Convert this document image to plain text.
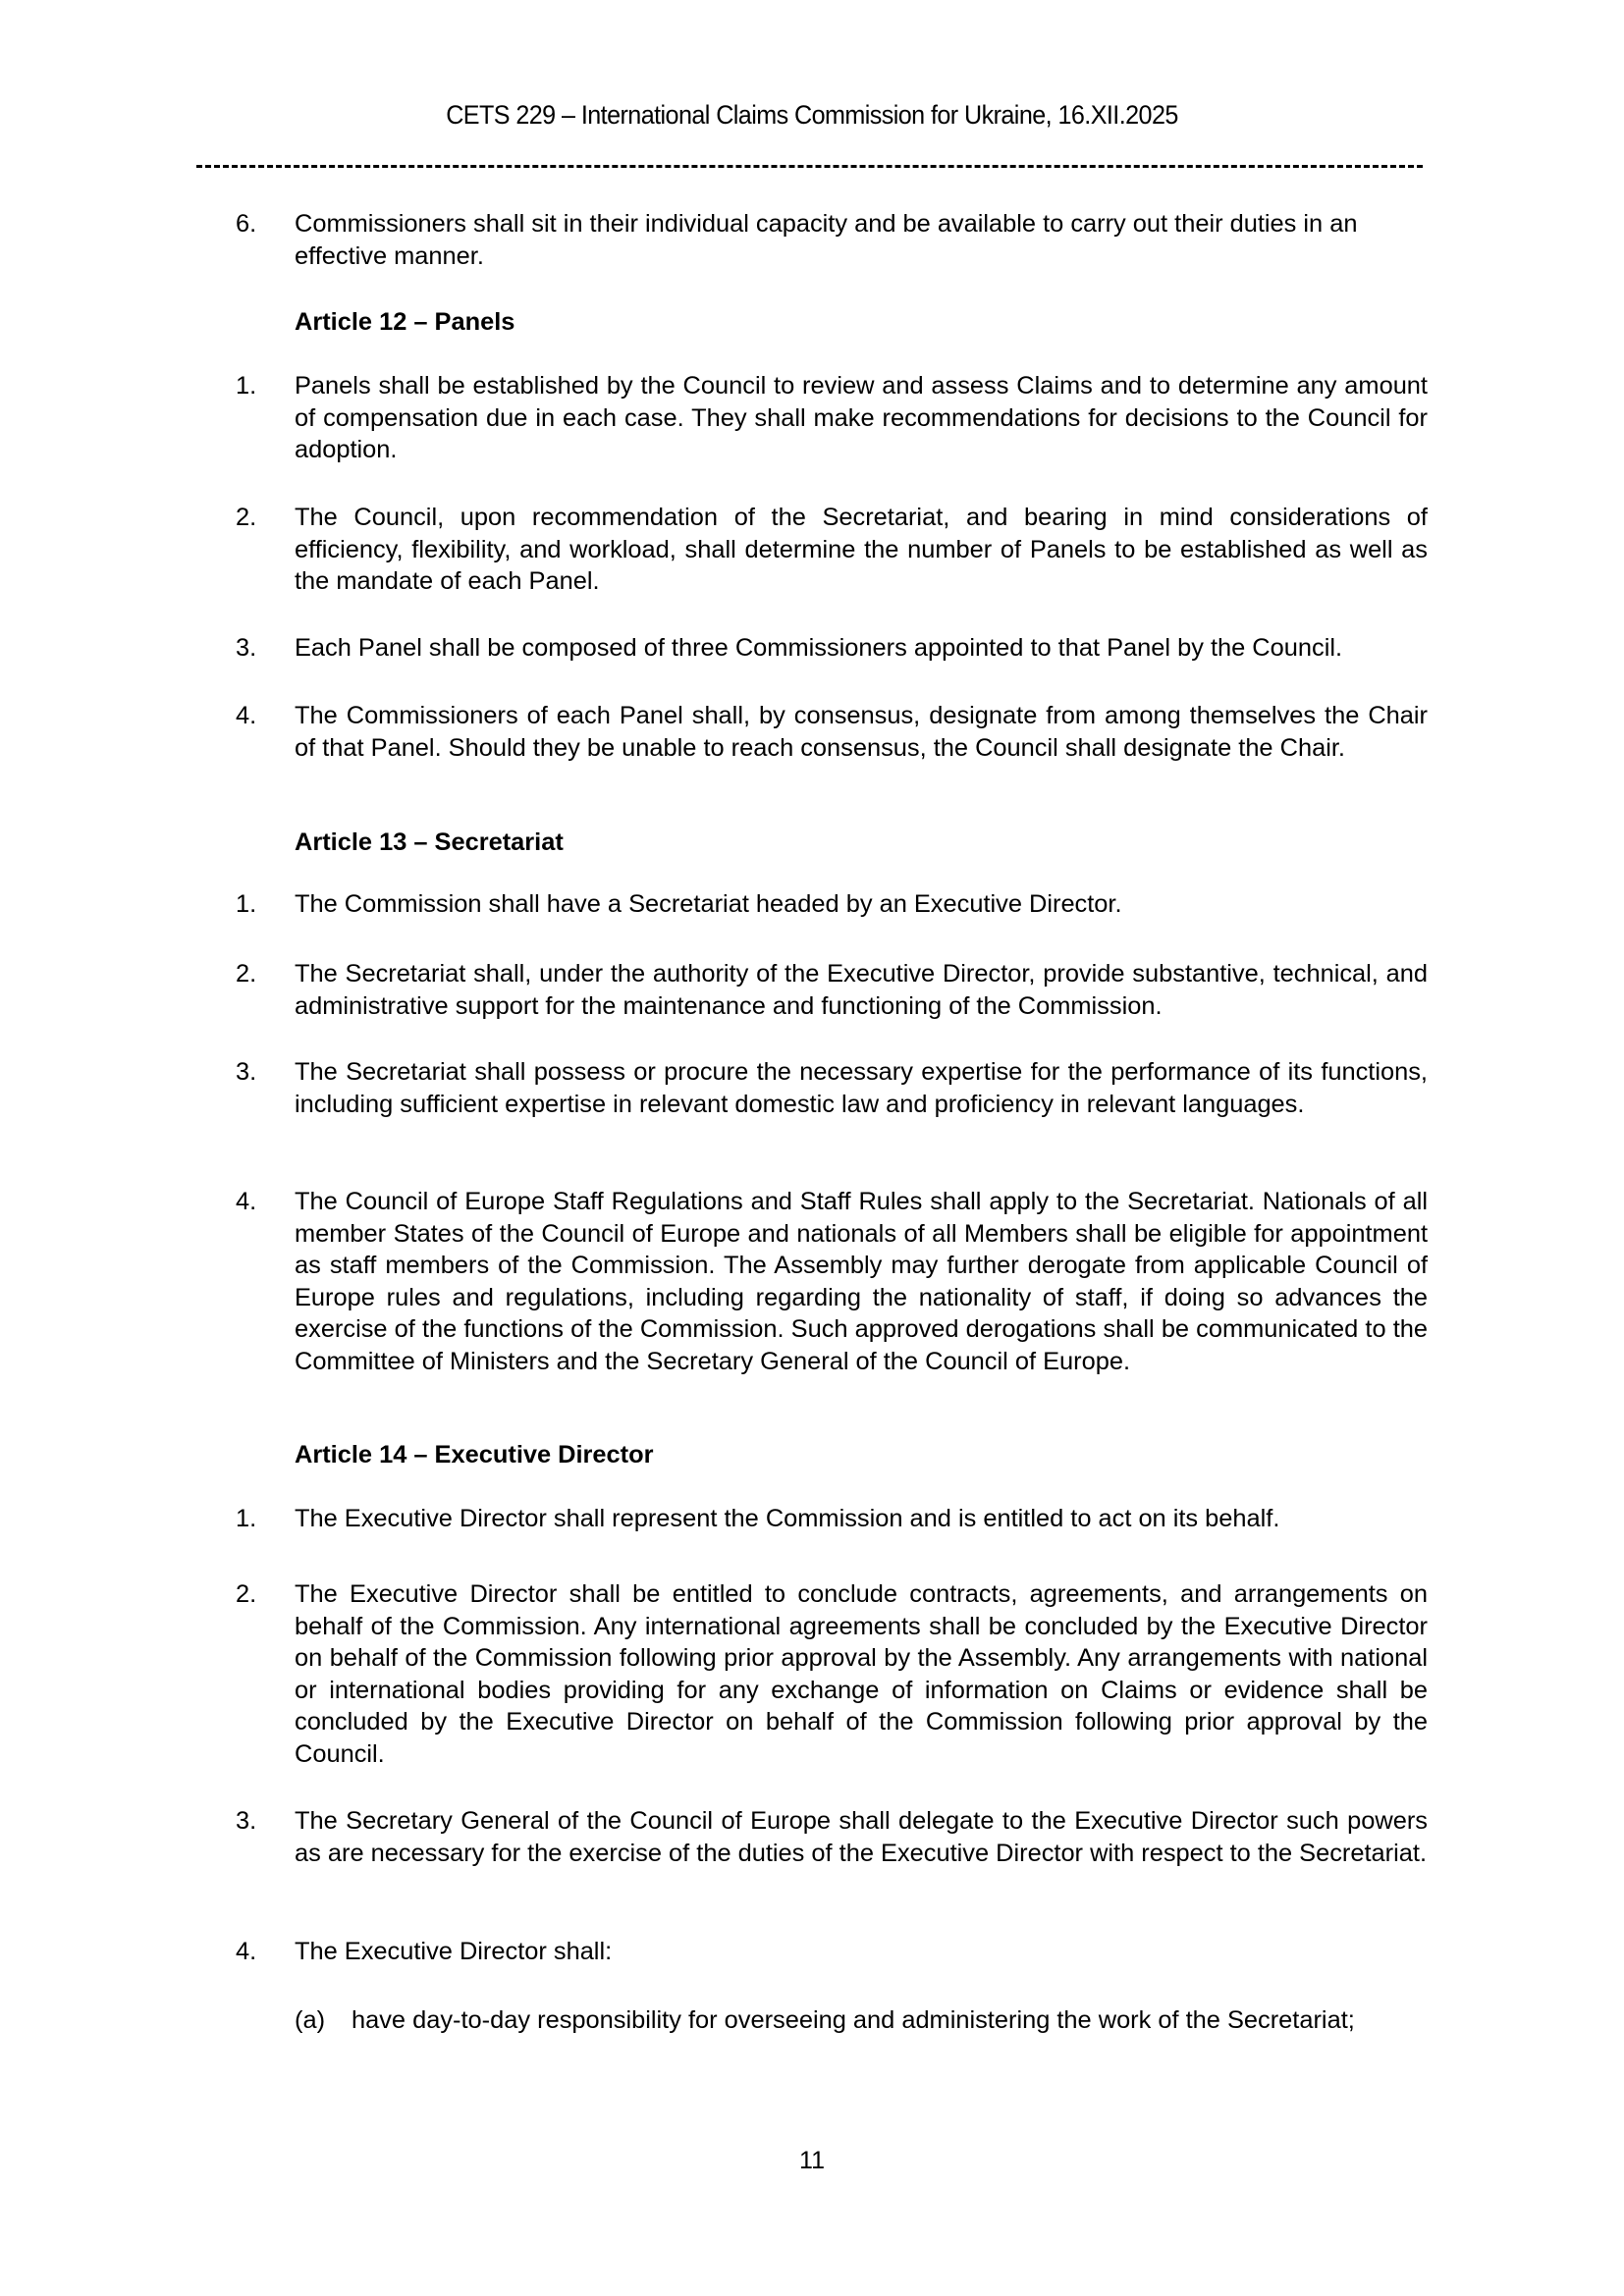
CETS 229 – International Claims Commission for Ukraine, 16.XII.2025
6.	Commissioners shall sit in their individual capacity and be available to carry out their duties in an effective manner.
Article 12 – Panels
1.	Panels shall be established by the Council to review and assess Claims and to determine any amount of compensation due in each case. They shall make recommendations for decisions to the Council for adoption.
2.	The Council, upon recommendation of the Secretariat, and bearing in mind considerations of efficiency, flexibility, and workload, shall determine the number of Panels to be established as well as the mandate of each Panel.
3.	Each Panel shall be composed of three Commissioners appointed to that Panel by the Council.
4.	The Commissioners of each Panel shall, by consensus, designate from among themselves the Chair of that Panel. Should they be unable to reach consensus, the Council shall designate the Chair.
Article 13 – Secretariat
1.	The Commission shall have a Secretariat headed by an Executive Director.
2.	The Secretariat shall, under the authority of the Executive Director, provide substantive, technical, and administrative support for the maintenance and functioning of the Commission.
3.	The Secretariat shall possess or procure the necessary expertise for the performance of its functions, including sufficient expertise in relevant domestic law and proficiency in relevant languages.
4.	The Council of Europe Staff Regulations and Staff Rules shall apply to the Secretariat. Nationals of all member States of the Council of Europe and nationals of all Members shall be eligible for appointment as staff members of the Commission. The Assembly may further derogate from applicable Council of Europe rules and regulations, including regarding the nationality of staff, if doing so advances the exercise of the functions of the Commission. Such approved derogations shall be communicated to the Committee of Ministers and the Secretary General of the Council of Europe.
Article 14 – Executive Director
1.	The Executive Director shall represent the Commission and is entitled to act on its behalf.
2.	The Executive Director shall be entitled to conclude contracts, agreements, and arrangements on behalf of the Commission. Any international agreements shall be concluded by the Executive Director on behalf of the Commission following prior approval by the Assembly. Any arrangements with national or international bodies providing for any exchange of information on Claims or evidence shall be concluded by the Executive Director on behalf of the Commission following prior approval by the Council.
3.	The Secretary General of the Council of Europe shall delegate to the Executive Director such powers as are necessary for the exercise of the duties of the Executive Director with respect to the Secretariat.
4.	The Executive Director shall:
(a)	have day-to-day responsibility for overseeing and administering the work of the Secretariat;
11
